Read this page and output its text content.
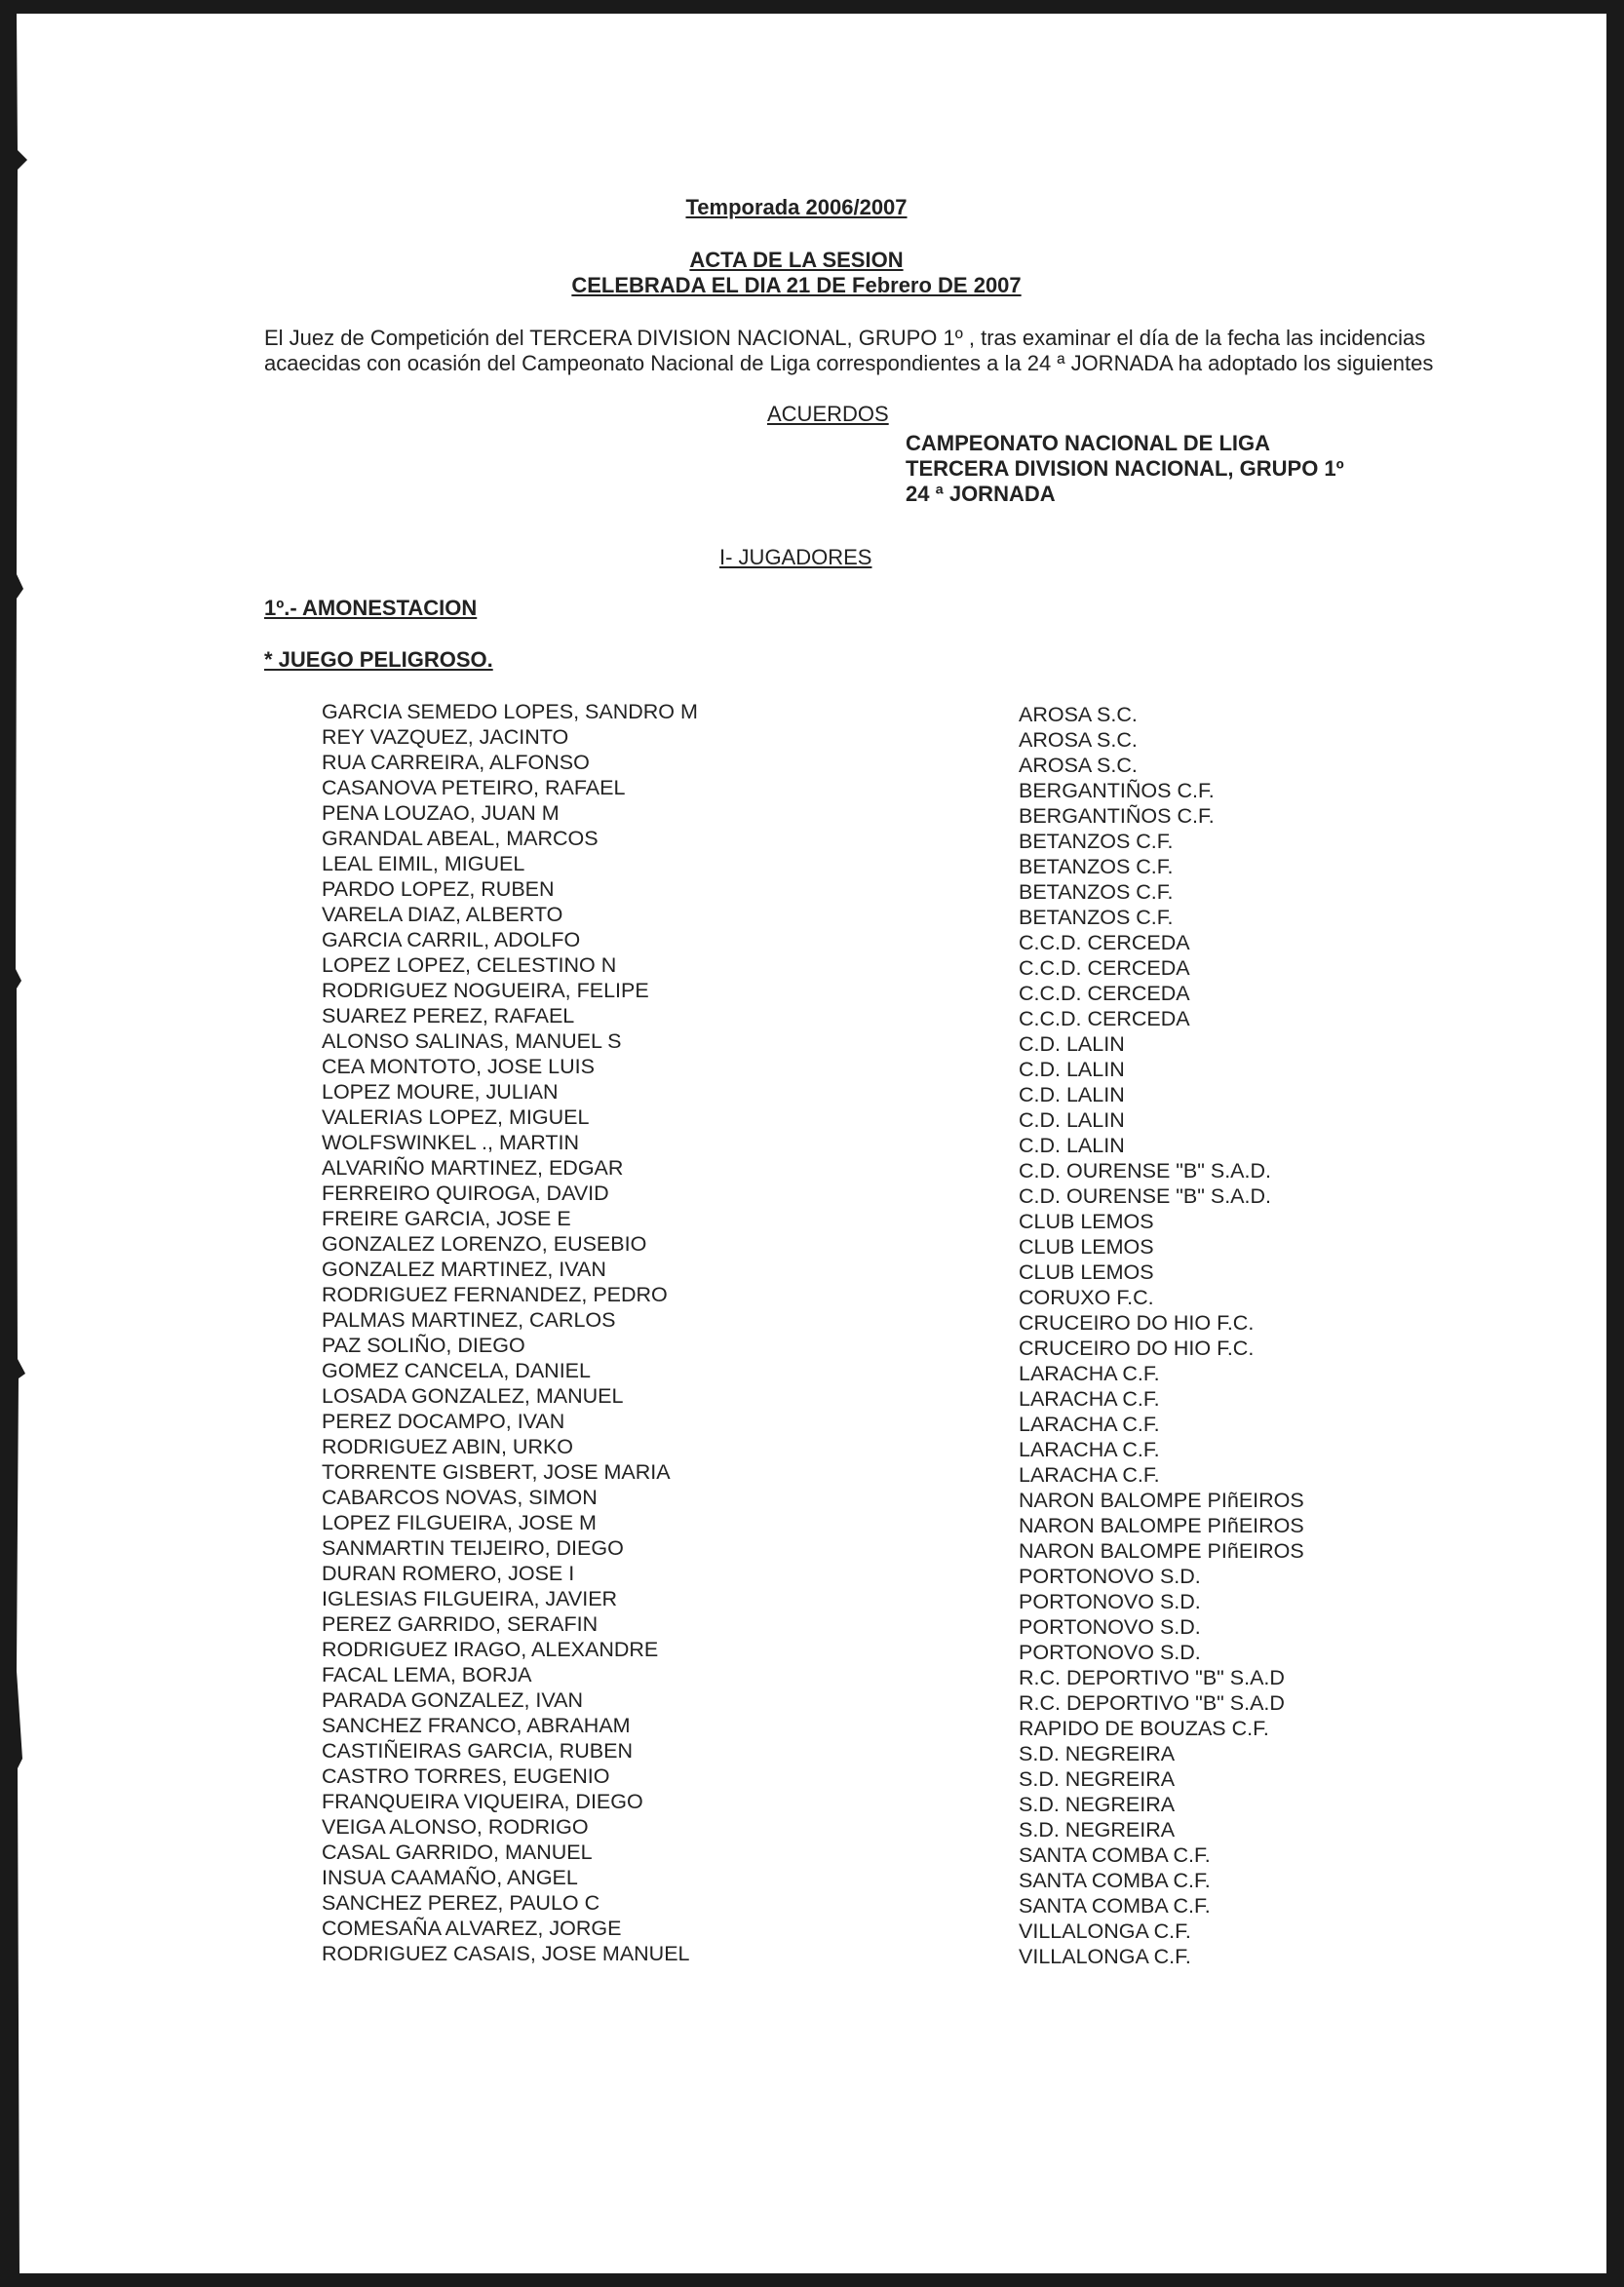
Temporada 2006/2007
ACTA DE LA SESION
CELEBRADA EL DIA 21 DE Febrero DE 2007
El Juez de Competición del TERCERA DIVISION NACIONAL, GRUPO 1º , tras examinar el día de la fecha las incidencias
acaecidas con ocasión del Campeonato Nacional de Liga correspondientes a la 24 ª JORNADA ha adoptado los siguientes
ACUERDOS
CAMPEONATO NACIONAL DE LIGA
TERCERA DIVISION NACIONAL, GRUPO 1º
24 ª JORNADA
I- JUGADORES
1º.- AMONESTACION
* JUEGO PELIGROSO.
GARCIA SEMEDO LOPES, SANDRO M	AROSA S.C.
REY VAZQUEZ, JACINTO	AROSA S.C.
RUA CARREIRA, ALFONSO	AROSA S.C.
CASANOVA PETEIRO, RAFAEL	BERGANTIÑOS C.F.
PENA LOUZAO, JUAN M	BERGANTIÑOS C.F.
GRANDAL ABEAL, MARCOS	BETANZOS C.F.
LEAL EIMIL, MIGUEL	BETANZOS C.F.
PARDO LOPEZ, RUBEN	BETANZOS C.F.
VARELA DIAZ, ALBERTO	BETANZOS C.F.
GARCIA CARRIL, ADOLFO	C.C.D. CERCEDA
LOPEZ LOPEZ, CELESTINO N	C.C.D. CERCEDA
RODRIGUEZ NOGUEIRA, FELIPE	C.C.D. CERCEDA
SUAREZ PEREZ, RAFAEL	C.C.D. CERCEDA
ALONSO SALINAS, MANUEL S	C.D. LALIN
CEA MONTOTO, JOSE LUIS	C.D. LALIN
LOPEZ MOURE, JULIAN	C.D. LALIN
VALERIAS LOPEZ, MIGUEL	C.D. LALIN
WOLFSWINKEL ., MARTIN	C.D. LALIN
ALVARIÑO MARTINEZ, EDGAR	C.D. OURENSE "B" S.A.D.
FERREIRO QUIROGA, DAVID	C.D. OURENSE "B" S.A.D.
FREIRE GARCIA, JOSE E	CLUB LEMOS
GONZALEZ LORENZO, EUSEBIO	CLUB LEMOS
GONZALEZ MARTINEZ, IVAN	CLUB LEMOS
RODRIGUEZ FERNANDEZ, PEDRO	CORUXO F.C.
PALMAS MARTINEZ, CARLOS	CRUCEIRO DO HIO F.C.
PAZ SOLIÑO, DIEGO	CRUCEIRO DO HIO F.C.
GOMEZ CANCELA, DANIEL	LARACHA C.F.
LOSADA GONZALEZ, MANUEL	LARACHA C.F.
PEREZ DOCAMPO, IVAN	LARACHA C.F.
RODRIGUEZ ABIN, URKO	LARACHA C.F.
TORRENTE GISBERT, JOSE MARIA	LARACHA C.F.
CABARCOS NOVAS, SIMON	NARON BALOMPE PIñEIROS
LOPEZ FILGUEIRA, JOSE M	NARON BALOMPE PIñEIROS
SANMARTIN TEIJEIRO, DIEGO	NARON BALOMPE PIñEIROS
DURAN ROMERO, JOSE I	PORTONOVO S.D.
IGLESIAS FILGUEIRA, JAVIER	PORTONOVO S.D.
PEREZ GARRIDO, SERAFIN	PORTONOVO S.D.
RODRIGUEZ IRAGO, ALEXANDRE	PORTONOVO S.D.
FACAL LEMA, BORJA	R.C. DEPORTIVO "B" S.A.D
PARADA GONZALEZ, IVAN	R.C. DEPORTIVO "B" S.A.D
SANCHEZ FRANCO, ABRAHAM	RAPIDO DE BOUZAS C.F.
CASTIÑEIRAS GARCIA, RUBEN	S.D. NEGREIRA
CASTRO TORRES, EUGENIO	S.D. NEGREIRA
FRANQUEIRA VIQUEIRA, DIEGO	S.D. NEGREIRA
VEIGA ALONSO, RODRIGO	S.D. NEGREIRA
CASAL GARRIDO, MANUEL	SANTA COMBA C.F.
INSUA CAAMAÑO, ANGEL	SANTA COMBA C.F.
SANCHEZ PEREZ, PAULO C	SANTA COMBA C.F.
COMESAÑA ALVAREZ, JORGE	VILLALONGA C.F.
RODRIGUEZ CASAIS, JOSE MANUEL	VILLALONGA C.F.
